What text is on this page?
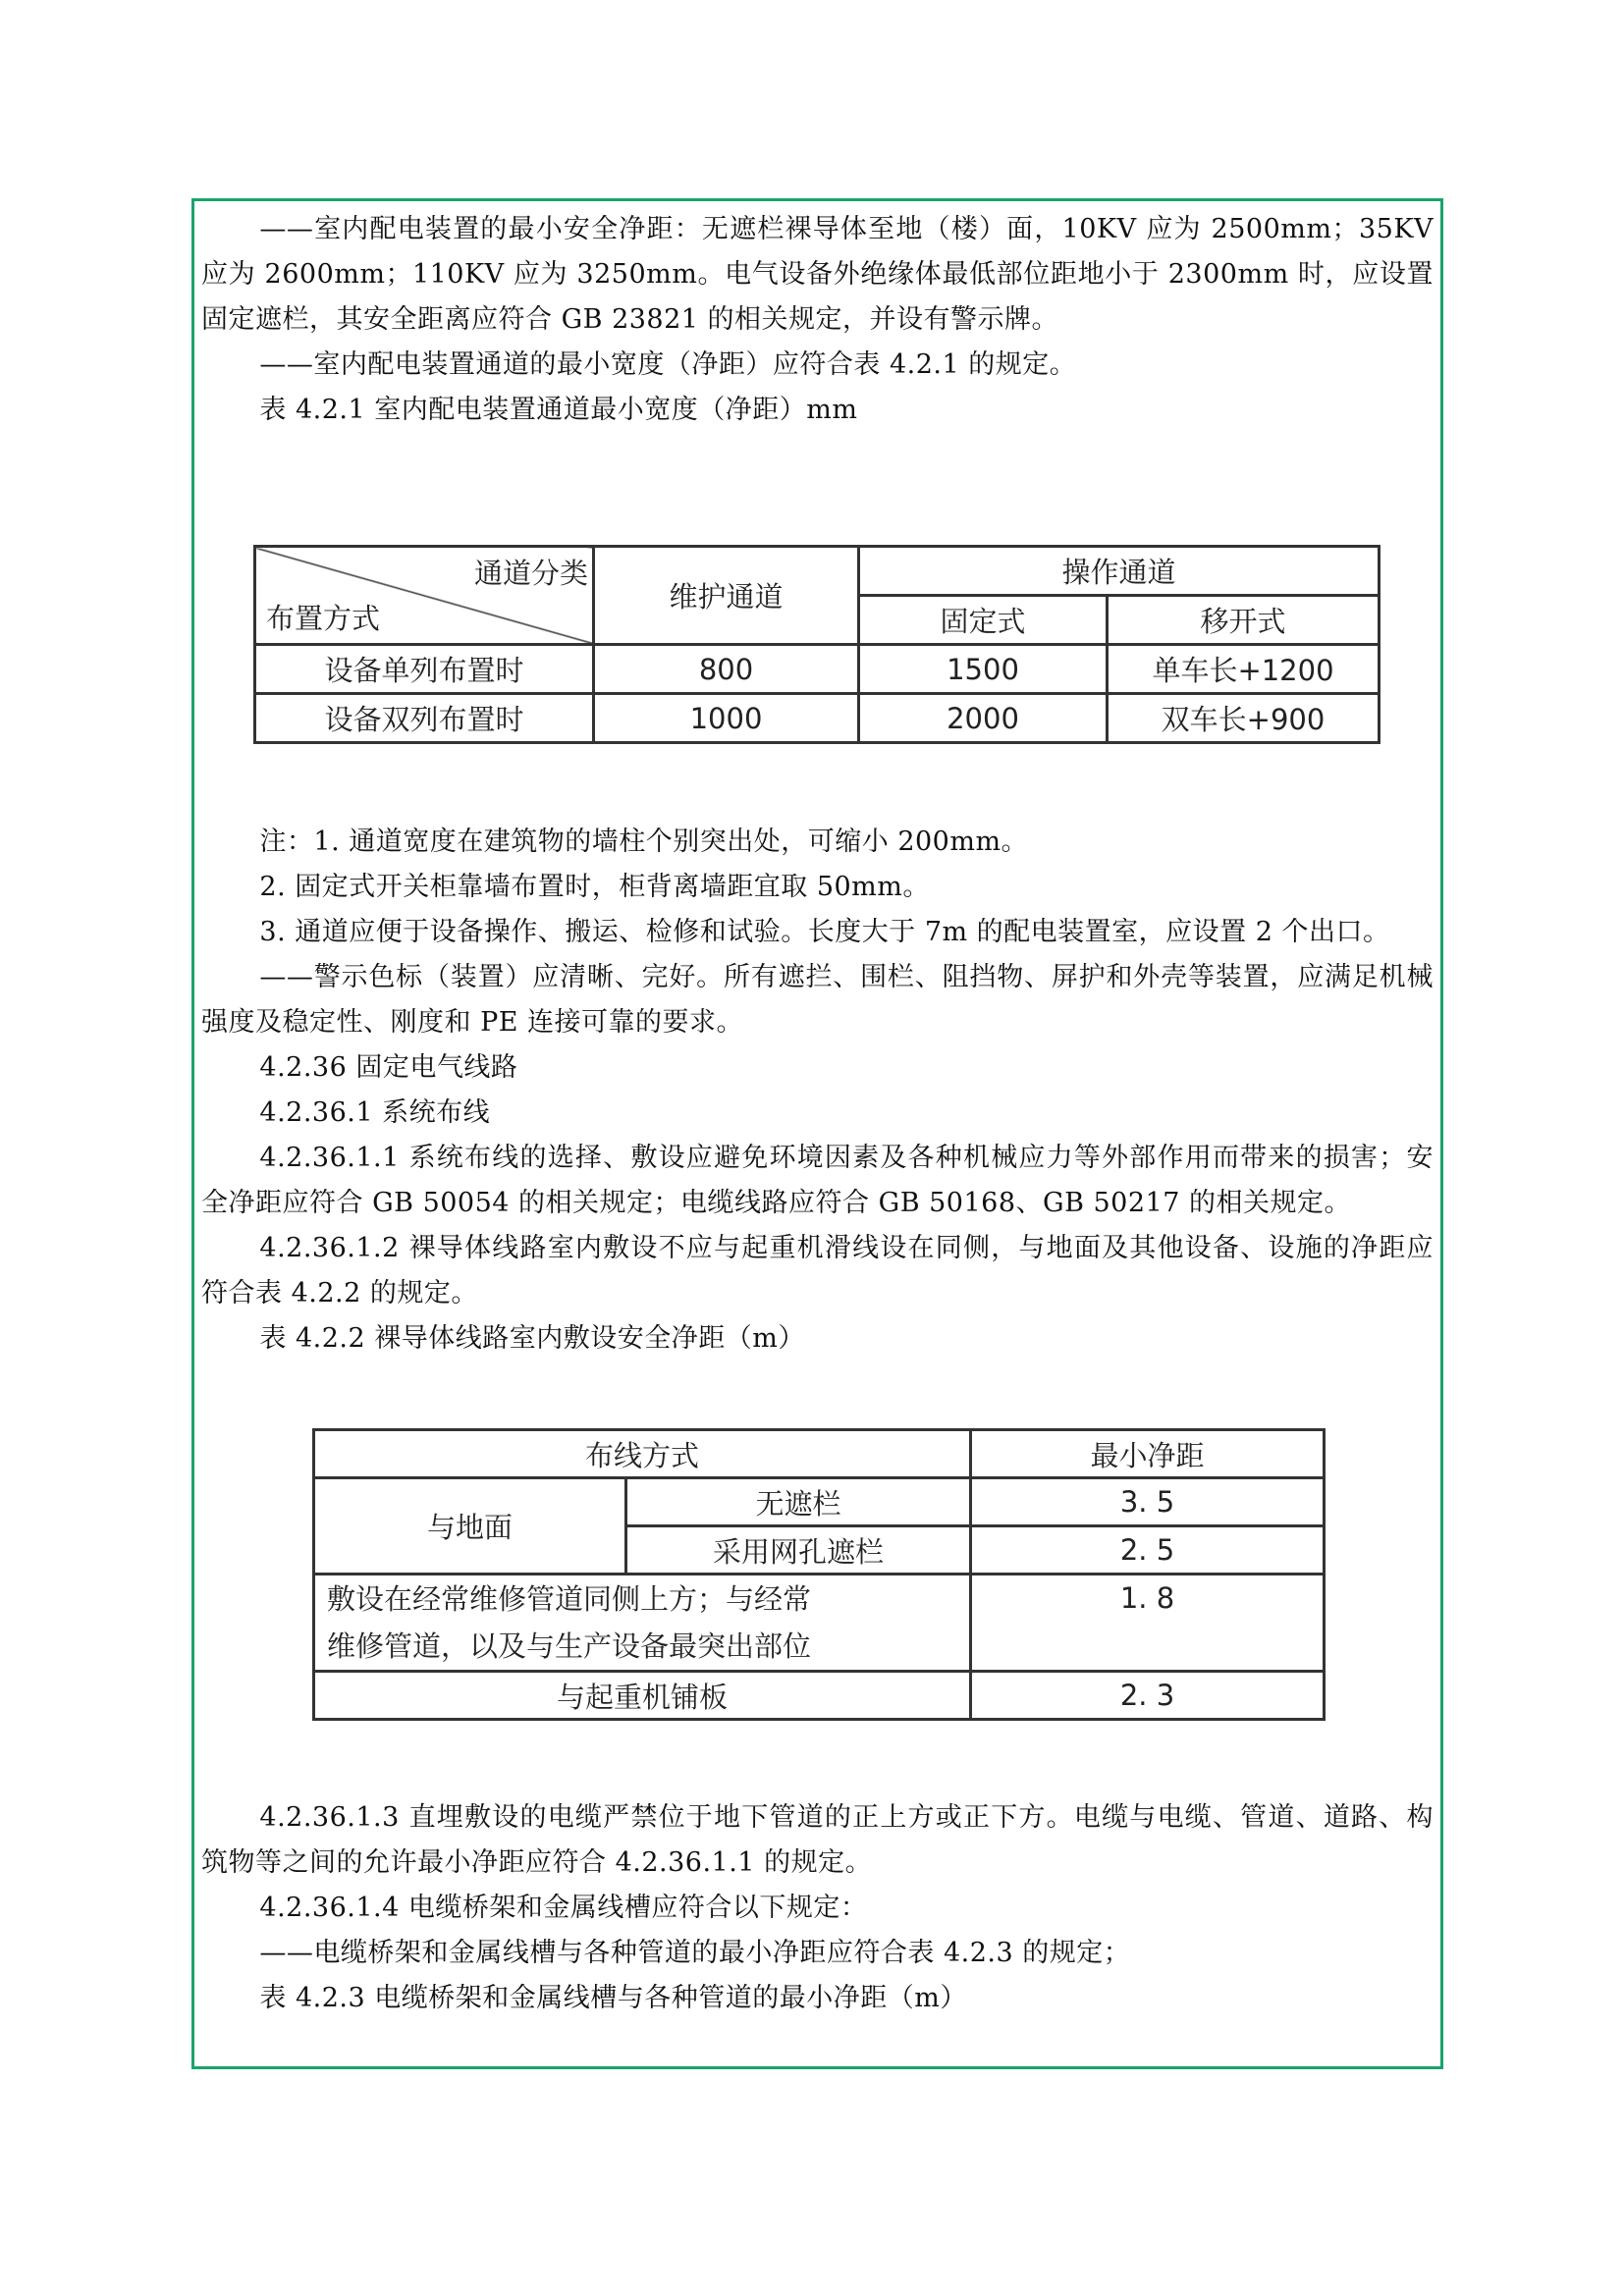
——室内配电装置的最小安全净距：无遮栏裸导体至地（楼）面，10KV 应为 2500mm；35KV 应为 2600mm；110KV 应为 3250mm。电气设备外绝缘体最低部位距地小于 2300mm 时，应设置固定遮栏，其安全距离应符合 GB 23821 的相关规定，并设有警示牌。

——室内配电装置通道的最小宽度（净距）应符合表 4.2.1 的规定。

表 4.2.1 室内配电装置通道最小宽度（净距）mm

通道分类
布置方式	维护通道	操作通道	
		固定式	移开式
设备单列布置时	800	1500	单车长+1200
设备双列布置时	1000	2000	双车长+900

注：1. 通道宽度在建筑物的墙柱个别突出处，可缩小 200mm。

2. 固定式开关柜靠墙布置时，柜背离墙距宜取 50mm。

3. 通道应便于设备操作、搬运、检修和试验。长度大于 7m 的配电装置室，应设置 2 个出口。

——警示色标（装置）应清晰、完好。所有遮拦、围栏、阻挡物、屏护和外壳等装置，应满足机械强度及稳定性、刚度和 PE 连接可靠的要求。

4.2.36 固定电气线路

4.2.36.1 系统布线

4.2.36.1.1 系统布线的选择、敷设应避免环境因素及各种机械应力等外部作用而带来的损害；安全净距应符合 GB 50054 的相关规定；电缆线路应符合 GB 50168、GB 50217 的相关规定。

4.2.36.1.2 裸导体线路室内敷设不应与起重机滑线设在同侧，与地面及其他设备、设施的净距应符合表 4.2.2 的规定。

表 4.2.2 裸导体线路室内敷设安全净距（m）

布线方式		最小净距
与地面	无遮栏	3. 5
	采用网孔遮栏	2. 5

敷设在经常维修管道同侧上方；与经常
维修管道，以及与生产设备最突出部位		1. 8
与起重机铺板		2. 3

4.2.36.1.3 直埋敷设的电缆严禁位于地下管道的正上方或正下方。电缆与电缆、管道、道路、构筑物等之间的允许最小净距应符合 4.2.36.1.1 的规定。

4.2.36.1.4 电缆桥架和金属线槽应符合以下规定：

——电缆桥架和金属线槽与各种管道的最小净距应符合表 4.2.3 的规定；

表 4.2.3 电缆桥架和金属线槽与各种管道的最小净距（m）
